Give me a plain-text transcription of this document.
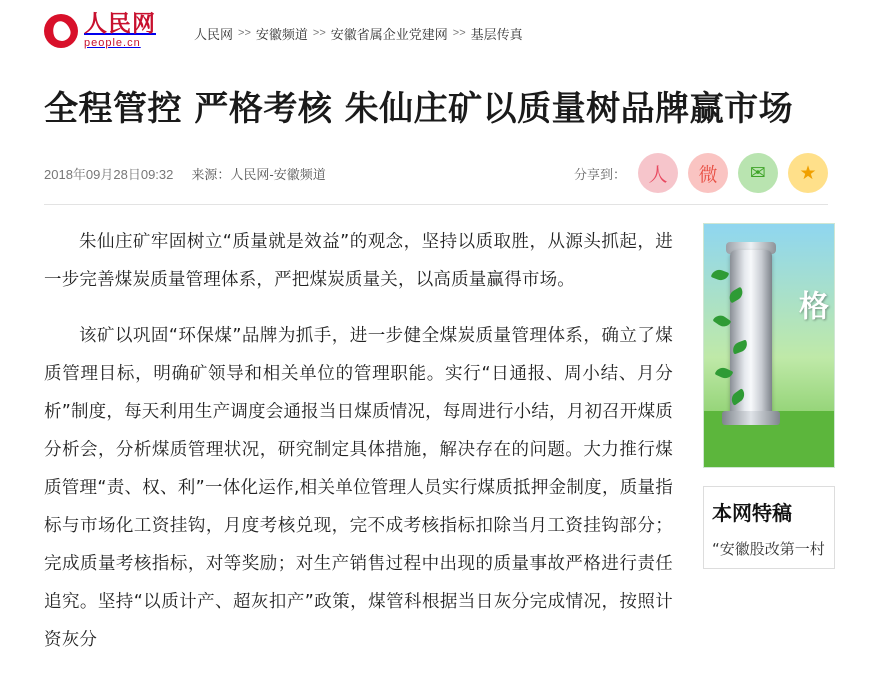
人民网
people.cn
人民网 >> 安徽频道 >> 安徽省属企业党建网 >> 基层传真
全程管控 严格考核 朱仙庄矿以质量树品牌赢市场
2018年09月28日09:32 来源：人民网-安徽频道	分享到：	人	微	✉	★

朱仙庄矿牢固树立“质量就是效益”的观念，坚持以质取胜，从源头抓起，进一步完善煤炭质量管理体系，严把煤炭质量关，以高质量赢得市场。

该矿以巩固“环保煤”品牌为抓手，进一步健全煤炭质量管理体系，确立了煤质管理目标，明确矿领导和相关单位的管理职能。实行“日通报、周小结、月分析”制度，每天利用生产调度会通报当日煤质情况，每周进行小结，月初召开煤质分析会，分析煤质管理状况，研究制定具体措施，解决存在的问题。大力推行煤质管理“责、权、利”一体化运作,相关单位管理人员实行煤质抵押金制度，质量指标与市场化工资挂钩，月度考核兑现，完不成考核指标扣除当月工资挂钩部分；完成质量考核指标，对等奖励；对生产销售过程中出现的质量事故严格进行责任追究。坚持“以质计产、超灰扣产”政策，煤管科根据当日灰分完成情况，按照计资灰分

格
本网特稿
“安徽股改第一村
